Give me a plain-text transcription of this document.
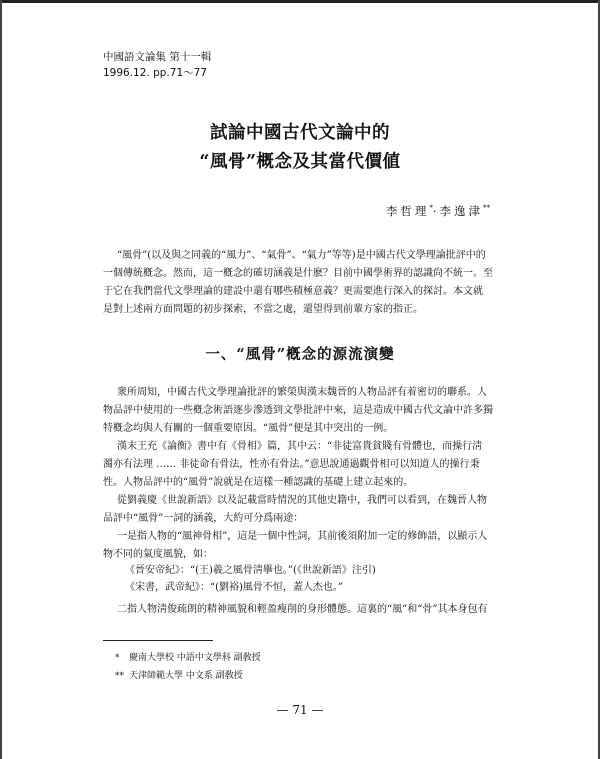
中國語文論集 第十一輯
1996.12. pp.71～77
試論中國古代文論中的
“風骨”概念及其當代價値
李哲理*·李逸津**
“風骨”(以及與之同義的“風力”、“氣骨”、“氣力”等等)是中國古代文學理論批評中的
一個傳統槪念。然而，這一槪念的確切涵義是什麽？目前中國學術界的認識尙不統一。至
于它在我們當代文學理論的建設中還有哪些積極意義？更需要進行深入的探討。本文就
是對上述兩方面問題的初步探索，不當之處，還望得到前輩方家的指正。
一、“風骨”槪念的源流演變
衆所周知，中國古代文學理論批評的繁榮與漢末魏晉的人物品評有着密切的聯系。人
物品評中使用的一些槪念術語逐步滲透到文學批評中來，這是造成中國古代文論中許多獨
特槪念均與人有關的一個重要原因。“風骨”便是其中突出的一例。
漢末王充《論衡》書中有《骨相》篇，其中云：“非徒富貴貧賤有骨體也，而操行淸
濁亦有法理 …… 非徒命有骨法，性亦有骨法。”意思說通過觀骨相可以知道人的操行秉
性。人物品評中的“風骨”說就是在這樣一種認識的基礎上建立起來的。
從劉義慶《世說新語》以及記載當時情況的其他史籍中，我們可以看到，在魏晉人物
品評中“風骨”一詞的涵義，大約可分爲兩途：
一是指人物的“風神骨相”，這是一個中性詞，其前後須附加一定的修飾語，以顯示人
物不同的氣度風貌，如：
《晉安帝紀》：“(王)羲之風骨淸擧也。”(《世說新語》注引)
《宋書，武帝紀》：“(劉裕)風骨不恒，蓋人杰也。”
二指人物淸俊疏朗的精神風貌和輕盈瘦削的身形體態。這裏的“風”和“骨”其本身包有
* 慶南大學校 中語中文學科 副敎授
** 天津師範大學 中文系 副敎授
— 71 —
